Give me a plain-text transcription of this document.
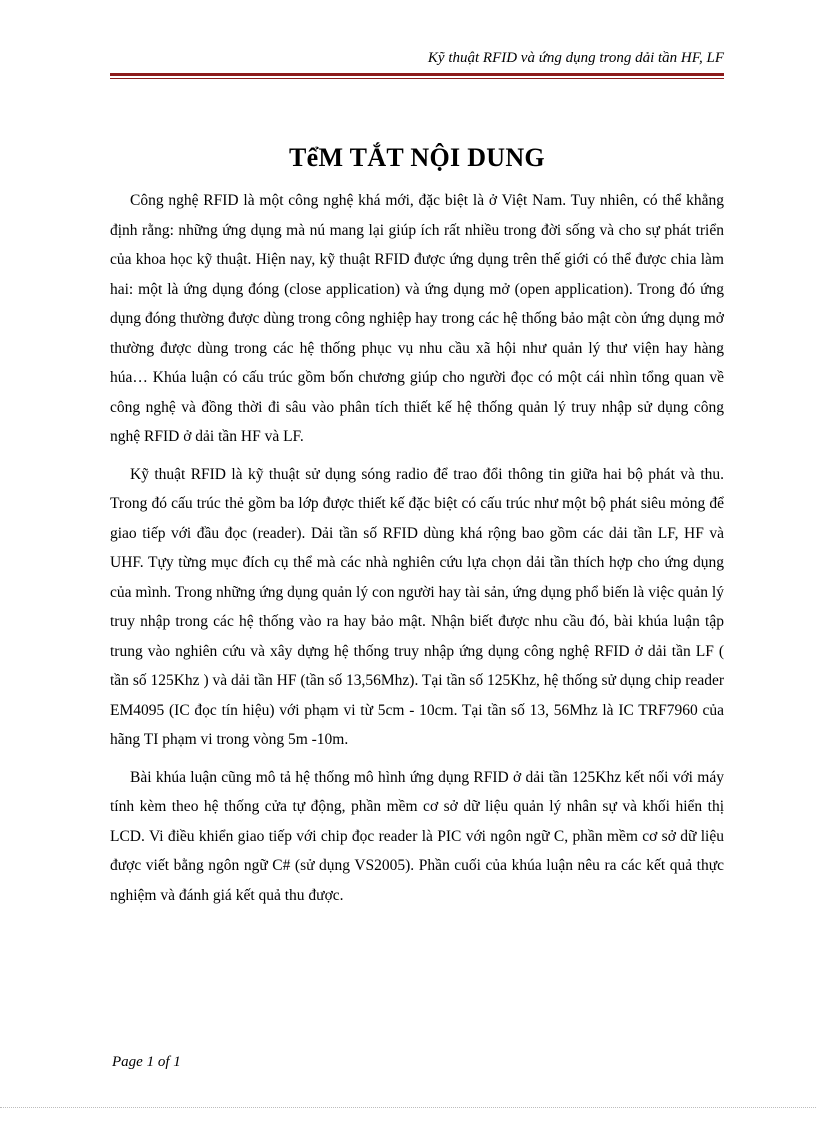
Kỹ thuật RFID và ứng dụng trong dải tần HF, LF
TểM TẮT NỘI DUNG

Công nghệ RFID là một công nghệ khá mới, đặc biệt là ở Việt Nam. Tuy nhiên, có thể khẳng định rằng: những ứng dụng mà nú mang lại giúp ích rất nhiều trong đời sống và cho sự phát triển của khoa học kỹ thuật. Hiện nay, kỹ thuật RFID được ứng dụng trên thế giới có thể được chia làm hai: một là ứng dụng đóng (close application) và ứng dụng mở (open application). Trong đó ứng dụng đóng thường được dùng trong công nghiệp hay trong các hệ thống bảo mật còn ứng dụng mở thường được dùng trong các hệ thống phục vụ nhu cầu xã hội như quản lý thư viện hay hàng húa… Khúa luận có cấu trúc gồm bốn chương giúp cho người đọc có một cái nhìn tổng quan về công nghệ và đồng thời đi sâu vào phân tích thiết kế hệ thống quản lý truy nhập sử dụng công nghệ RFID ở dải tần HF và LF.

Kỹ thuật RFID là kỹ thuật sử dụng sóng radio để trao đổi thông tin giữa hai bộ phát và thu. Trong đó cấu trúc thẻ gồm ba lớp được thiết kế đặc biệt có cấu trúc như một bộ phát siêu mỏng để giao tiếp với đầu đọc (reader). Dải tần số RFID dùng khá rộng bao gồm các dải tần LF, HF và UHF. Tựy từng mục đích cụ thể mà các nhà nghiên cứu lựa chọn dải tần thích hợp cho ứng dụng của mình. Trong những ứng dụng quản lý con người hay tài sản, ứng dụng phổ biến là việc quản lý truy nhập trong các hệ thống vào ra hay bảo mật. Nhận biết được nhu cầu đó, bài khúa luận tập trung vào nghiên cứu và xây dựng hệ thống truy nhập ứng dụng công nghệ RFID ở dải tần LF ( tần số 125Khz ) và dải tần HF (tần số 13,56Mhz). Tại tần số 125Khz, hệ thống sử dụng chip reader EM4095 (IC đọc tín hiệu) với phạm vi từ 5cm - 10cm. Tại tần số 13, 56Mhz là IC TRF7960 của hãng TI phạm vi trong vòng 5m -10m.

Bài khúa luận cũng mô tả hệ thống mô hình ứng dụng RFID ở dải tần 125Khz kết nối với máy tính kèm theo hệ thống cửa tự động, phần mềm cơ sở dữ liệu quản lý nhân sự và khối hiển thị LCD. Vi điều khiển giao tiếp với chip đọc reader là PIC với ngôn ngữ C, phần mềm cơ sở dữ liệu được viết bằng ngôn ngữ C# (sử dụng VS2005). Phần cuối của khúa luận nêu ra các kết quả thực nghiệm và đánh giá kết quả thu được.

Page 1 of 1
